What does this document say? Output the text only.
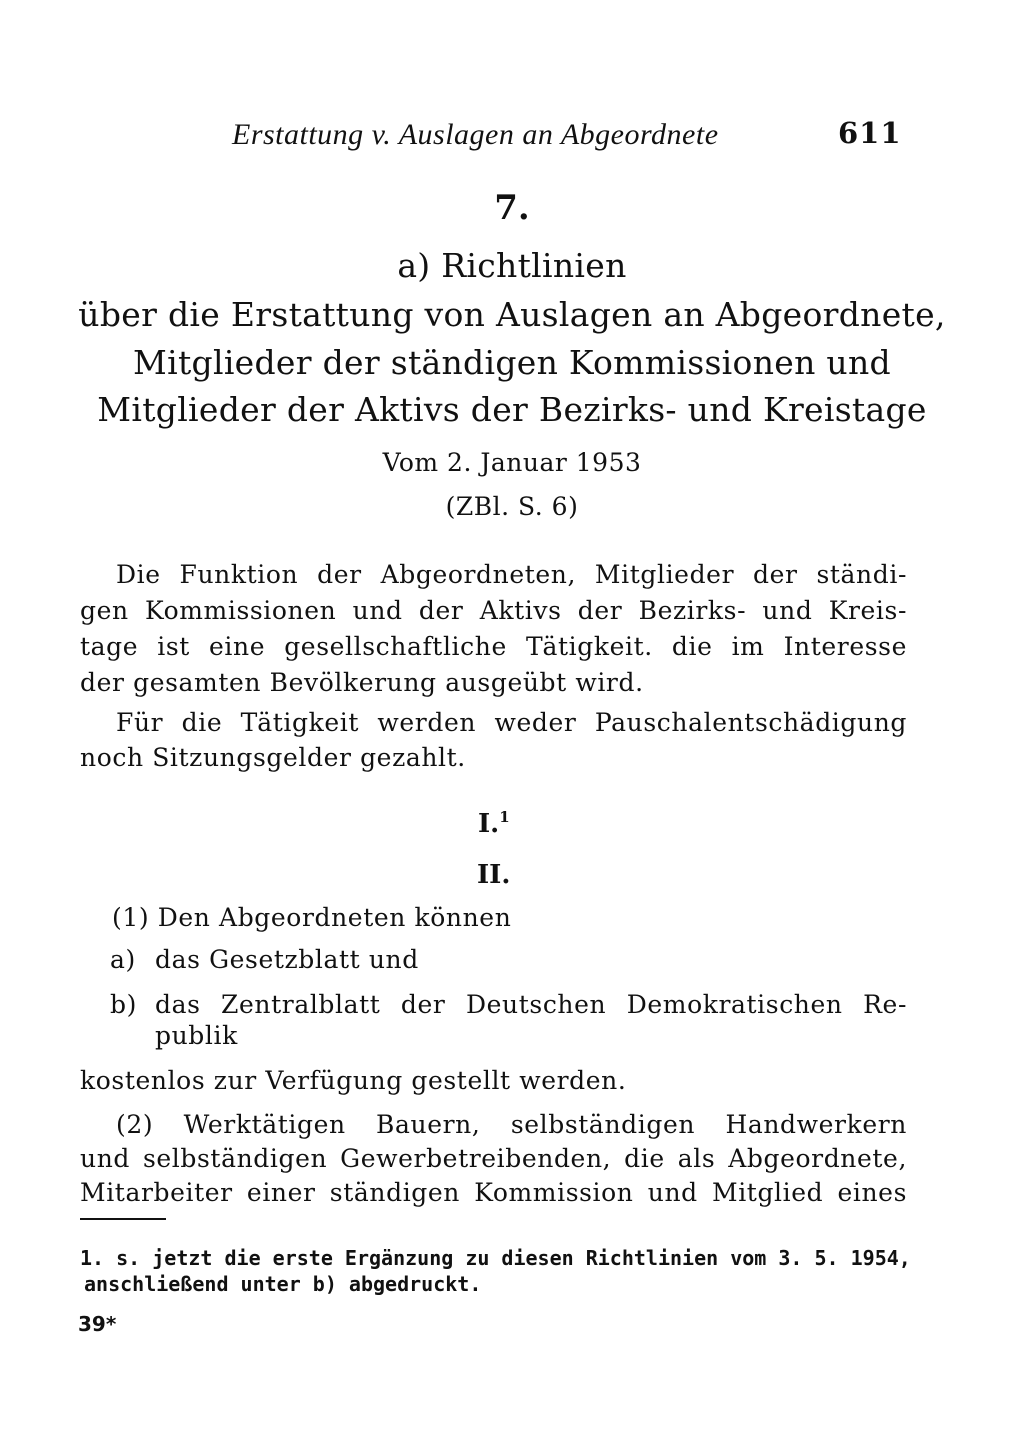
Erstattung v. Auslagen an Abgeordnete	611
7.
a) Richtlinien
über die Erstattung von Auslagen an Abgeordnete,
Mitglieder der ständigen Kommissionen und
Mitglieder der Aktivs der Bezirks- und Kreistage
Vom 2. Januar 1953
(ZBl. S. 6)
Die Funktion der Abgeordneten, Mitglieder der ständi-
gen Kommissionen und der Aktivs der Bezirks- und Kreis-
tage ist eine gesellschaftliche Tätigkeit. die im Interesse
der gesamten Bevölkerung ausgeübt wird.
Für die Tätigkeit werden weder Pauschalentschädigung
noch Sitzungsgelder gezahlt.
I.$^1$
II.
(1) Den Abgeordneten können
a) das Gesetzblatt und
b) das Zentralblatt der Deutschen Demokratischen Re-
publik
kostenlos zur Verfügung gestellt werden.
(2) Werktätigen Bauern, selbständigen Handwerkern
und selbständigen Gewerbetreibenden, die als Abgeordnete,
Mitarbeiter einer ständigen Kommission und Mitglied eines
1. s. jetzt die erste Ergänzung zu diesen Richtlinien vom 3. 5. 1954,
anschließend unter b) abgedruckt.
39*
